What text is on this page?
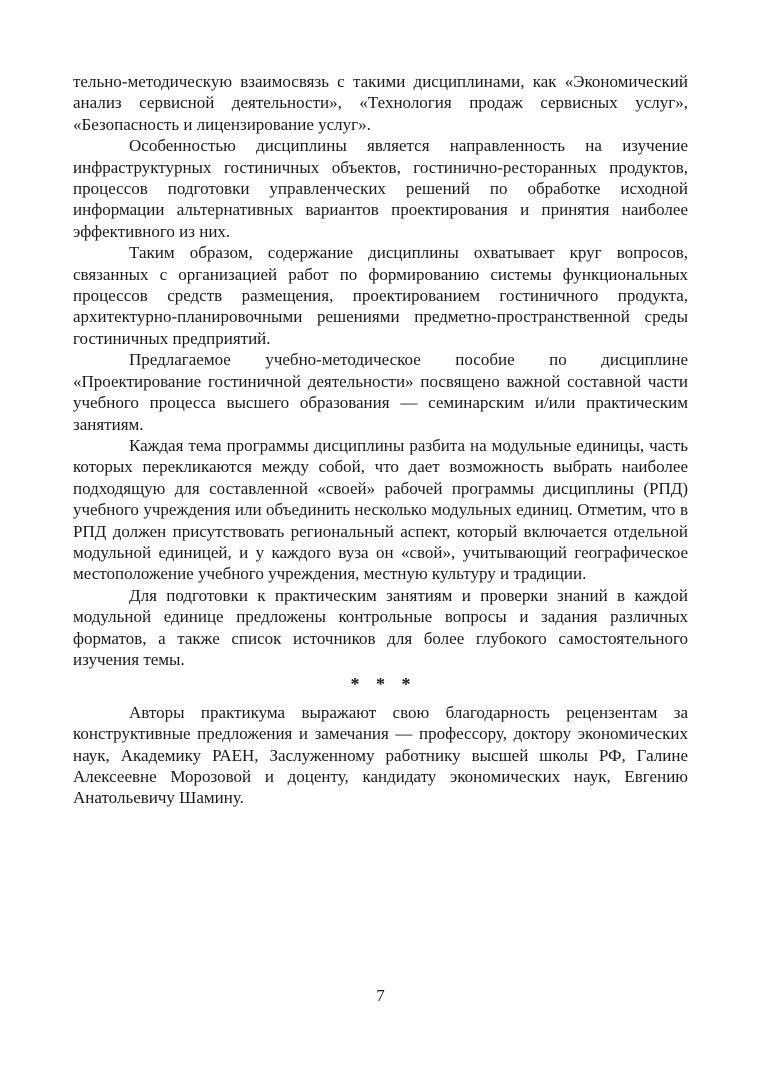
тельно-методическую взаимосвязь с такими дисциплинами, как «Экономический анализ сервисной деятельности», «Технология продаж сервисных услуг», «Безопасность и лицензирование услуг».

Особенностью дисциплины является направленность на изучение инфраструктурных гостиничных объектов, гостинично-ресторанных продуктов, процессов подготовки управленческих решений по обработке исходной информации альтернативных вариантов проектирования и принятия наиболее эффективного из них.

Таким образом, содержание дисциплины охватывает круг вопросов, связанных с организацией работ по формированию системы функциональных процессов средств размещения, проектированием гостиничного продукта, архитектурно-планировочными решениями предметно-пространственной среды гостиничных предприятий.

Предлагаемое учебно-методическое пособие по дисциплине «Проектирование гостиничной деятельности» посвящено важной составной части учебного процесса высшего образования — семинарским и/или практическим занятиям.

Каждая тема программы дисциплины разбита на модульные единицы, часть которых перекликаются между собой, что дает возможность выбрать наиболее подходящую для составленной «своей» рабочей программы дисциплины (РПД) учебного учреждения или объединить несколько модульных единиц. Отметим, что в РПД должен присутствовать региональный аспект, который включается отдельной модульной единицей, и у каждого вуза он «свой», учитывающий географическое местоположение учебного учреждения, местную культуру и традиции.

Для подготовки к практическим занятиям и проверки знаний в каждой модульной единице предложены контрольные вопросы и задания различных форматов, а также список источников для более глубокого самостоятельного изучения темы.

* * *

Авторы практикума выражают свою благодарность рецензентам за конструктивные предложения и замечания — профессору, доктору экономических наук, Академику РАЕН, Заслуженному работнику высшей школы РФ, Галине Алексеевне Морозовой и доценту, кандидату экономических наук, Евгению Анатольевичу Шамину.

7
